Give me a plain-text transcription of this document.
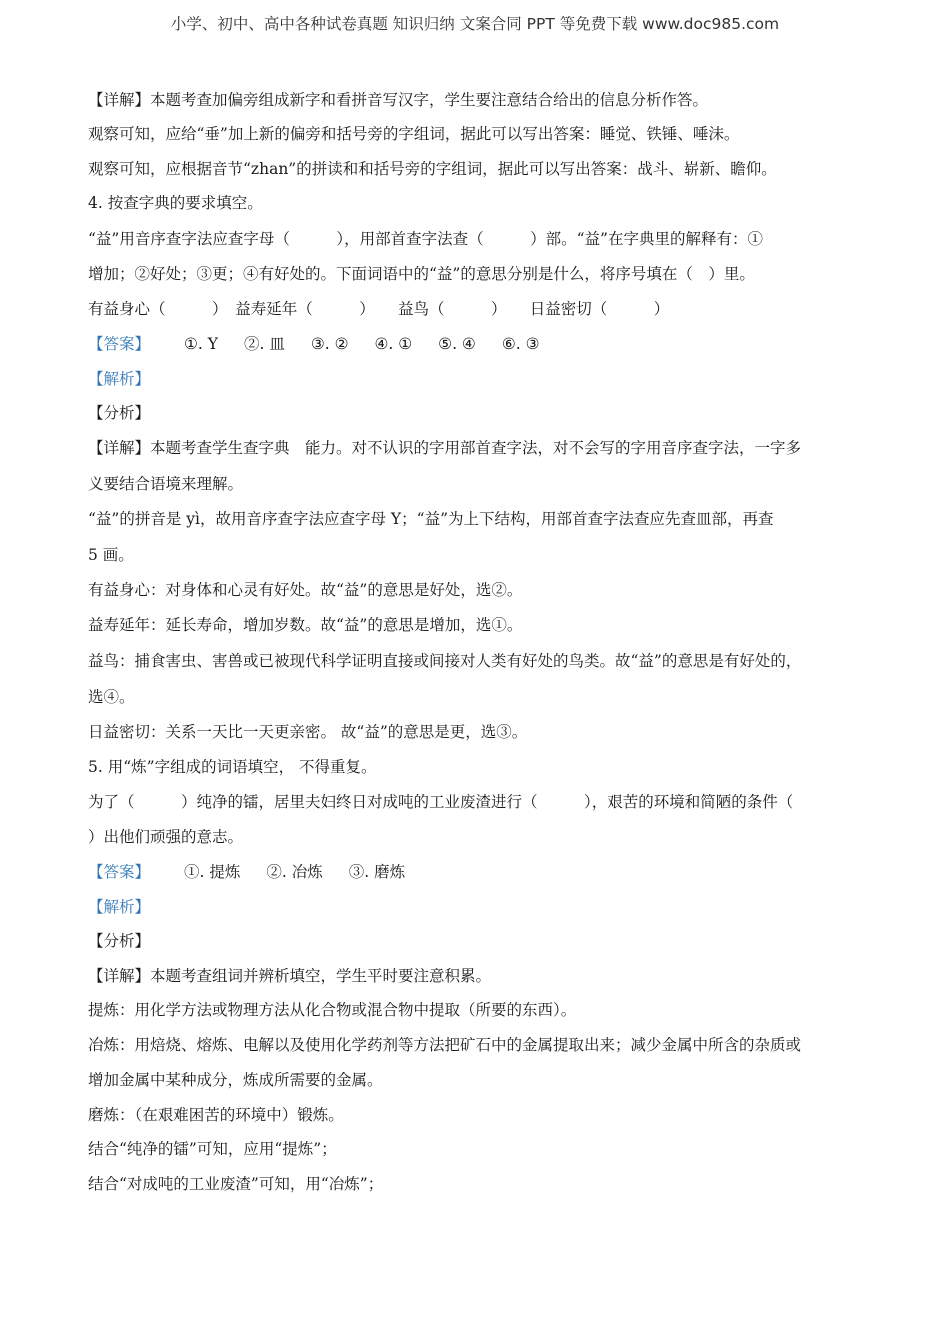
小学、初中、高中各种试卷真题 知识归纳 文案合同 PPT 等免费下载 www.doc985.com
【详解】本题考查加偏旁组成新字和看拼音写汉字，学生要注意结合给出的信息分析作答。
观察可知，应给“垂”加上新的偏旁和括号旁的字组词，据此可以写出答案：睡觉、铁锤、唾沫。
观察可知，应根据音节“zhan”的拼读和和括号旁的字组词，据此可以写出答案：战斗、崭新、瞻仰。
4. 按查字典的要求填空。
“益”用音序查字法应查字母（　　　），用部首查字法查（　　　）部。“益”在字典里的解释有：①
增加；②好处；③更；④有好处的。下面词语中的“益”的意思分别是什么，将序号填在（　）里。
有益身心（　　　）　益寿延年（　　　）　　益鸟（　　　）　　日益密切（　　　）
【答案】 ①. Y ②. 皿 ③. ② ④. ① ⑤. ④ ⑥. ③
【解析】
【分析】
【详解】本题考查学生查字典　能力。对不认识的字用部首查字法，对不会写的字用音序查字法，一字多
义要结合语境来理解。
“益”的拼音是 yì，故用音序查字法应查字母 Y；“益”为上下结构，用部首查字法查应先查皿部，再查
5 画。
有益身心：对身体和心灵有好处。故“益”的意思是好处，选②。
益寿延年：延长寿命，增加岁数。故“益”的意思是增加，选①。
益鸟：捕食害虫、害兽或已被现代科学证明直接或间接对人类有好处的鸟类。故“益”的意思是有好处的，
选④。
日益密切：关系一天比一天更亲密。 故“益”的意思是更，选③。
5. 用“炼”字组成的词语填空， 不得重复。
为了（　　　）纯净的镭，居里夫妇终日对成吨的工业废渣进行（　　　），艰苦的环境和简陋的条件（
）出他们顽强的意志。
【答案】 ①. 提炼 ②. 冶炼 ③. 磨炼
【解析】
【分析】
【详解】本题考查组词并辨析填空，学生平时要注意积累。
提炼：用化学方法或物理方法从化合物或混合物中提取（所要的东西）。
冶炼：用焙烧、熔炼、电解以及使用化学药剂等方法把矿石中的金属提取出来；减少金属中所含的杂质或
增加金属中某种成分，炼成所需要的金属。
磨炼：（在艰难困苦的环境中）锻炼。
结合“纯净的镭”可知，应用“提炼”；
结合“对成吨的工业废渣”可知，用“冶炼”；
